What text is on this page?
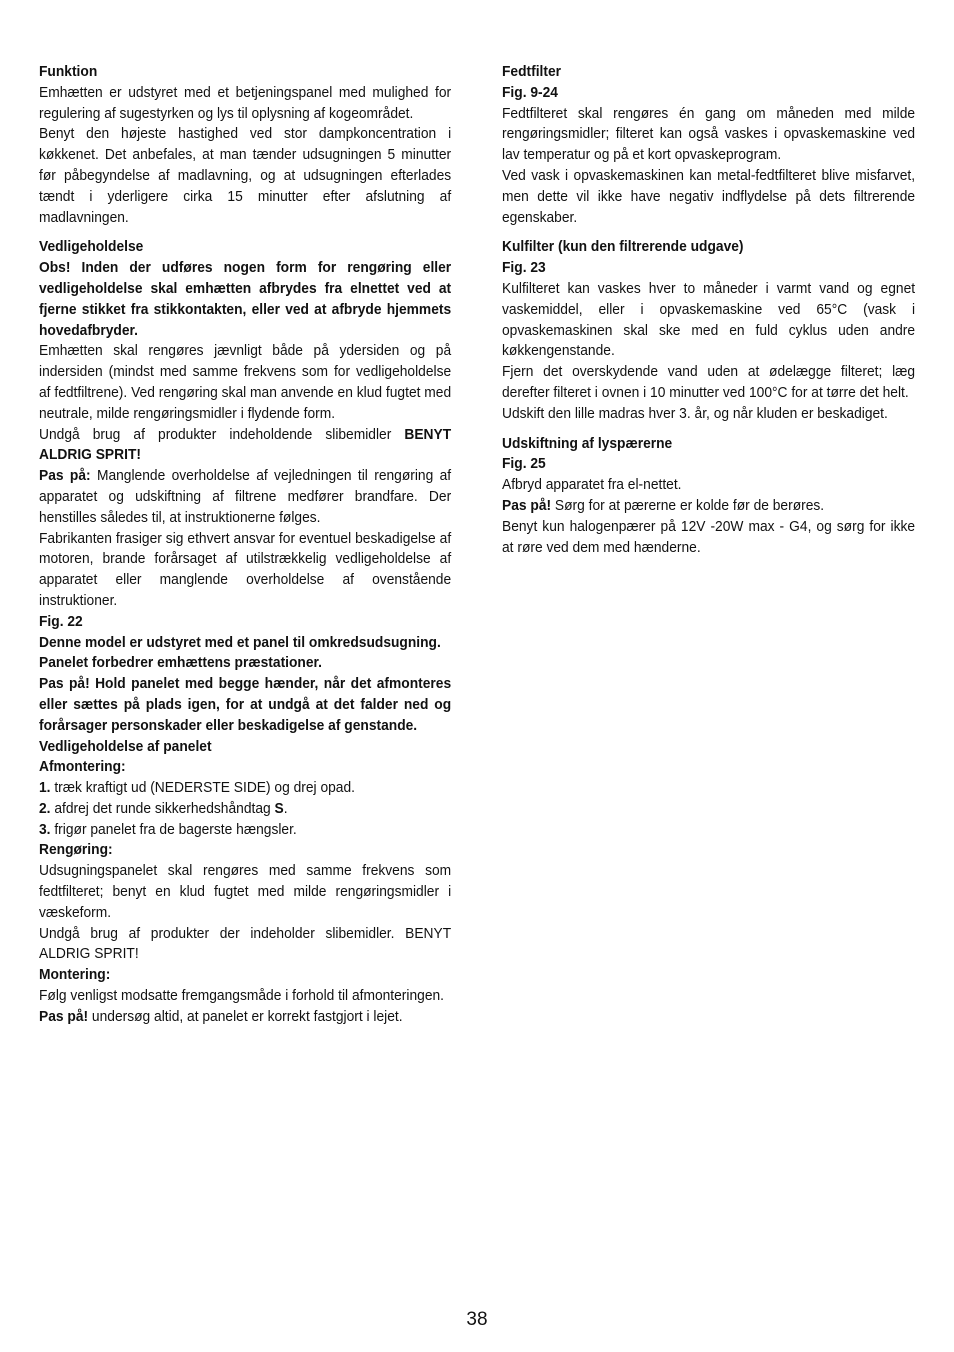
Funktion

Emhætten er udstyret med et betjeningspanel med mulighed for regulering af sugestyrken og lys til oplysning af kogeområdet.

Benyt den højeste hastighed ved stor dampkoncentration i køkkenet. Det anbefales, at man tænder udsugningen 5 minutter før påbegyndelse af madlavning, og at udsugningen efterlades tændt i yderligere cirka 15 minutter efter afslutning af madlavningen.

Vedligeholdelse

Obs! Inden der udføres nogen form for rengøring eller vedligeholdelse skal emhætten afbrydes fra elnettet ved at fjerne stikket fra stikkontakten, eller ved at afbryde hjemmets hovedafbryder.

Emhætten skal rengøres jævnligt både på ydersiden og på indersiden (mindst med samme frekvens som for vedligeholdelse af fedtfiltrene). Ved rengøring skal man anvende en klud fugtet med neutrale, milde rengøringsmidler i flydende form.

Undgå brug af produkter indeholdende slibemidler BENYT ALDRIG SPRIT!

Pas på: Manglende overholdelse af vejledningen til rengøring af apparatet og udskiftning af filtrene medfører brandfare. Der henstilles således til, at instruktionerne følges.

Fabrikanten frasiger sig ethvert ansvar for eventuel beskadigelse af motoren, brande forårsaget af utilstrækkelig vedligeholdelse af apparatet eller manglende overholdelse af ovenstående instruktioner.

Fig. 22

Denne model er udstyret med et panel til omkredsudsugning.

Panelet forbedrer emhættens præstationer.

Pas på! Hold panelet med begge hænder, når det afmonteres eller sættes på plads igen, for at undgå at det falder ned og forårsager personskader eller beskadigelse af genstande.

Vedligeholdelse af panelet

Afmontering:

1. træk kraftigt ud (NEDERSTE SIDE) og drej opad.

2. afdrej det runde sikkerhedshåndtag S.

3. frigør panelet fra de bagerste hængsler.

Rengøring:

Udsugningspanelet skal rengøres med samme frekvens som fedtfilteret; benyt en klud fugtet med milde rengøringsmidler i væskeform.

Undgå brug af produkter der indeholder slibemidler. BENYT ALDRIG SPRIT!

Montering:

Følg venligst modsatte fremgangsmåde i forhold til afmonteringen.

Pas på! undersøg altid, at panelet er korrekt fastgjort i lejet.

Fedtfilter

Fig. 9-24

Fedtfilteret skal rengøres én gang om måneden med milde rengøringsmidler; filteret kan også vaskes i opvaskemaskine ved lav temperatur og på et kort opvaskeprogram.

Ved vask i opvaskemaskinen kan metal-fedtfilteret blive misfarvet, men dette vil ikke have negativ indflydelse på dets filtrerende egenskaber.

Kulfilter (kun den filtrerende udgave)

Fig. 23

Kulfilteret kan vaskes hver to måneder i varmt vand og egnet vaskemiddel, eller i opvaskemaskine ved 65°C (vask i opvaskemaskinen skal ske med en fuld cyklus uden andre køkkengenstande.

Fjern det overskydende vand uden at ødelægge filteret; læg derefter filteret i ovnen i 10 minutter ved 100°C for at tørre det helt.

Udskift den lille madras hver 3. år, og når kluden er beskadiget.

Udskiftning af lyspærerne

Fig. 25

Afbryd apparatet fra el-nettet.

Pas på! Sørg for at pærerne er kolde før de berøres.

Benyt kun halogenpærer på 12V -20W max - G4, og sørg for ikke at røre ved dem med hænderne.

38
